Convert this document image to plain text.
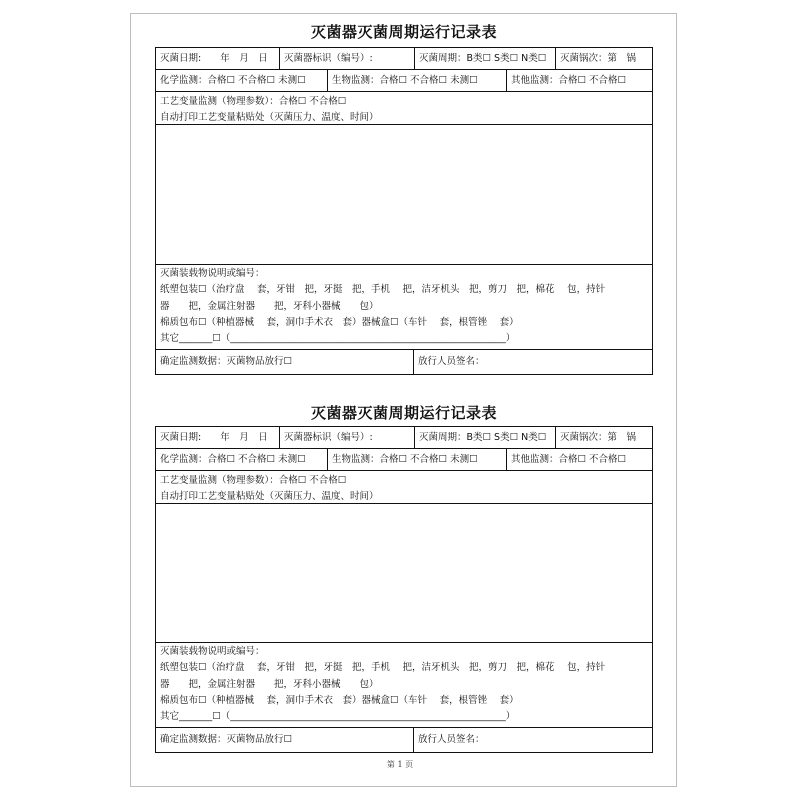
灭菌器灭菌周期运行记录表
灭菌日期:　　年　月　日	灭菌器标识（编号）:	灭菌周期：B类☐ S类☐ N类☐	灭菌锅次：第　锅
化学监测：合格☐ 不合格☐ 未测☐	生物监测：合格☐ 不合格☐ 未测☐	其他监测：合格☐ 不合格☐
工艺变量监测（物理参数）：合格☐ 不合格☐
自动打印工艺变量粘贴处（灭菌压力、温度、时间）
灭菌装载物说明或编号：
纸塑包装☐（治疗盘　 套，牙钳　把，牙挺　把，手机　 把，洁牙机头　把，剪刀　把，棉花　 包，持针
器　　把，金属注射器　　把，牙科小器械　　包）
棉质包布☐（种植器械　 套，洞巾手术衣　套）器械盒☐（车针　 套，根管锉　 套）
其它_______☐（__________________________________________________________）
确定监测数据：灭菌物品放行☐	放行人员签名：
灭菌器灭菌周期运行记录表
灭菌日期:　　年　月　日	灭菌器标识（编号）:	灭菌周期：B类☐ S类☐ N类☐	灭菌锅次：第　锅
化学监测：合格☐ 不合格☐ 未测☐	生物监测：合格☐ 不合格☐ 未测☐	其他监测：合格☐ 不合格☐
工艺变量监测（物理参数）：合格☐ 不合格☐
自动打印工艺变量粘贴处（灭菌压力、温度、时间）
灭菌装载物说明或编号：
纸塑包装☐（治疗盘　 套，牙钳　把，牙挺　把，手机　 把，洁牙机头　把，剪刀　把，棉花　 包，持针
器　　把，金属注射器　　把，牙科小器械　　包）
棉质包布☐（种植器械　 套，洞巾手术衣　套）器械盒☐（车针　 套，根管锉　 套）
其它_______☐（__________________________________________________________）
确定监测数据：灭菌物品放行☐	放行人员签名：
第 1 页
